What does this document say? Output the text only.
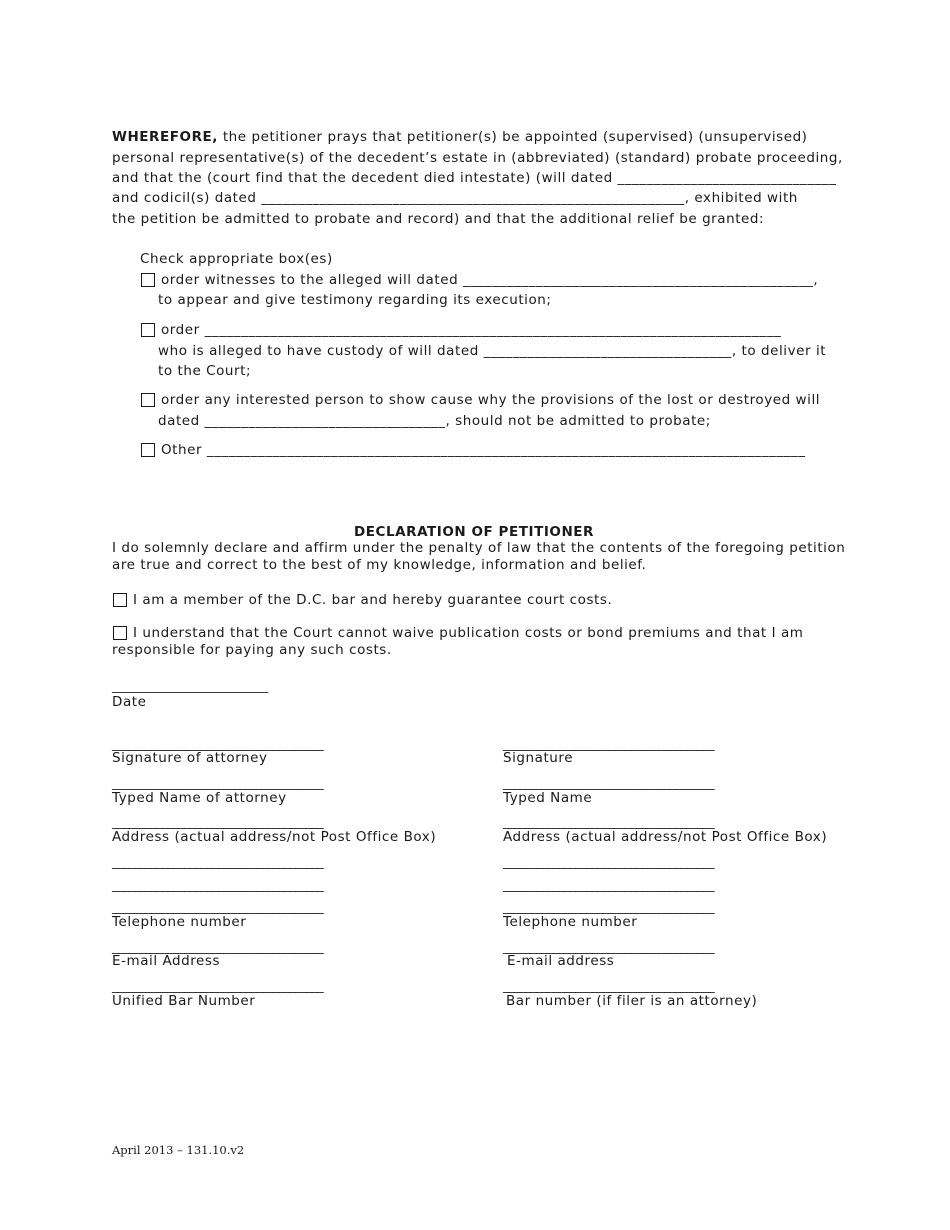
WHEREFORE, the petitioner prays that petitioner(s) be appointed (supervised) (unsupervised)
personal representative(s) of the decedent’s estate in (abbreviated) (standard) probate proceeding,
and that the (court find that the decedent died intestate) (will dated ______________________________
and codicil(s) dated __________________________________________________________, exhibited with
the petition be admitted to probate and record) and that the additional relief be granted:
Check appropriate box(es)
order witnesses to the alleged will dated ________________________________________________,
to appear and give testimony regarding its execution;
order _______________________________________________________________________________
who is alleged to have custody of will dated __________________________________, to deliver it
to the Court;
order any interested person to show cause why the provisions of the lost or destroyed will
dated _________________________________, should not be admitted to probate;
Other __________________________________________________________________________________
DECLARATION OF PETITIONER
I do solemnly declare and affirm under the penalty of law that the contents of the foregoing petition
are true and correct to the best of my knowledge, information and belief.
I am a member of the D.C. bar and hereby guarantee court costs.
I understand that the Court cannot waive publication costs or bond premiums and that I am
responsible for paying any such costs.
_________________________
Date
______________________________________
Signature of attorney
______________________________________
Typed Name of attorney
______________________________________
Address (actual address/not Post Office Box)
______________________________________
______________________________________
______________________________________
Telephone number
______________________________________
E-mail Address
______________________________________
Unified Bar Number
______________________________________
Signature
______________________________________
Typed Name
______________________________________
Address (actual address/not Post Office Box)
______________________________________
______________________________________
______________________________________
Telephone number
______________________________________
E-mail address
______________________________________
Bar number (if filer is an attorney)
April 2013 – 131.10.v2
